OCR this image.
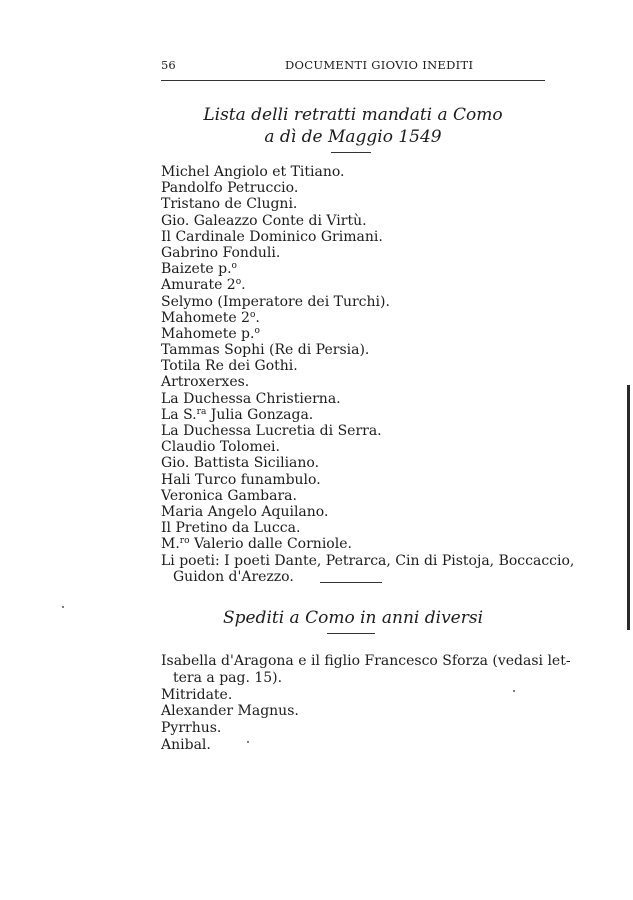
56	DOCUMENTI GIOVIO INEDITI
Lista delli retratti mandati a Como
a dì de Maggio 1549
Michel Angiolo et Titiano.
Pandolfo Petruccio.
Tristano de Clugni.
Gio. Galeazzo Conte di Virtù.
Il Cardinale Dominico Grimani.
Gabrino Fonduli.
Baizete p.$^o$
Amurate 2$^o$.
Selymo (Imperatore dei Turchi).
Mahomete 2$^o$.
Mahomete p.$^o$
Tammas Sophi (Re di Persia).
Totila Re dei Gothi.
Artroxerxes.
La Duchessa Christierna.
La S.$^{ra}$ Julia Gonzaga.
La Duchessa Lucretia di Serra.
Claudio Tolomei.
Gio. Battista Siciliano.
Hali Turco funambulo.
Veronica Gambara.
Maria Angelo Aquilano.
Il Pretino da Lucca.
M.$^{ro}$ Valerio dalle Corniole.
Li poeti: I poeti Dante, Petrarca, Cin di Pistoja, Boccaccio,
Guidon d'Arezzo.
Spediti a Como in anni diversi
Isabella d'Aragona e il figlio Francesco Sforza (vedasi let-
tera a pag. 15).
Mitridate.
Alexander Magnus.
Pyrrhus.
Anibal.
